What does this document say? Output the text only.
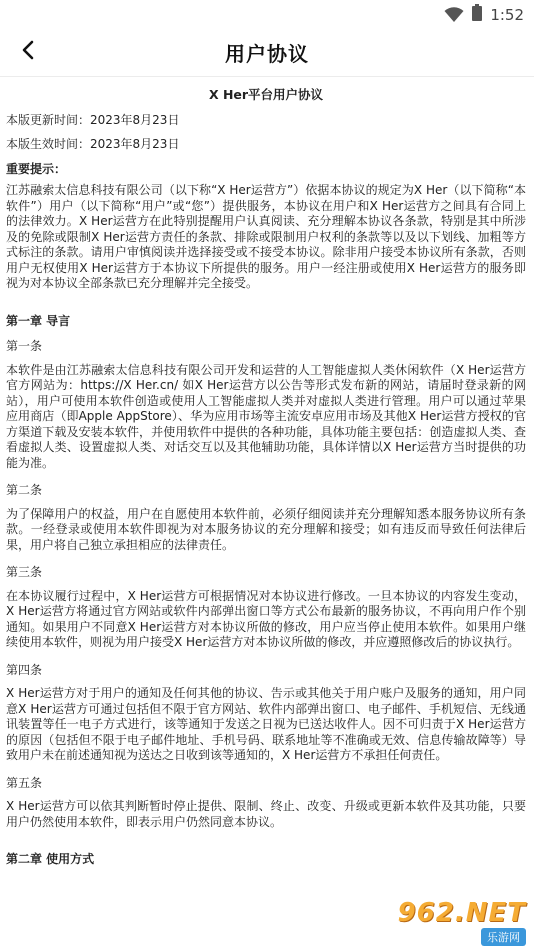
1:52
用户协议
X Her平台用户协议
本版更新时间：2023年8月23日
本版生效时间：2023年8月23日
重要提示：
江苏融索太信息科技有限公司（以下称“X Her运营方”）依据本协议的规定为X Her（以下简称“本软件”）用户（以下简称“用户”或“您”）提供服务，本协议在用户和X Her运营方之间具有合同上的法律效力。X Her运营方在此特别提醒用户认真阅读、充分理解本协议各条款，特别是其中所涉及的免除或限制X Her运营方责任的条款、排除或限制用户权利的条款等以及以下划线、加粗等方式标注的条款。请用户审慎阅读并选择接受或不接受本协议。除非用户接受本协议所有条款，否则用户无权使用X Her运营方于本协议下所提供的服务。用户一经注册或使用X Her运营方的服务即视为对本协议全部条款已充分理解并完全接受。
第一章 导言
第一条
本软件是由江苏融索太信息科技有限公司开发和运营的人工智能虚拟人类休闲软件（X Her运营方官方网站为：https://X Her.cn/ 如X Her运营方以公告等形式发布新的网站，请届时登录新的网站），用户可使用本软件创造或使用人工智能虚拟人类并对虚拟人类进行管理。用户可以通过苹果应用商店（即Apple AppStore）、华为应用市场等主流安卓应用市场及其他X Her运营方授权的官方渠道下载及安装本软件，并使用软件中提供的各种功能，具体功能主要包括：创造虚拟人类、查看虚拟人类、设置虚拟人类、对话交互以及其他辅助功能，具体详情以X Her运营方当时提供的功能为准。
第二条
为了保障用户的权益，用户在自愿使用本软件前，必须仔细阅读并充分理解知悉本服务协议所有条款。一经登录或使用本软件即视为对本服务协议的充分理解和接受；如有违反而导致任何法律后果，用户将自己独立承担相应的法律责任。
第三条
在本协议履行过程中，X Her运营方可根据情况对本协议进行修改。一旦本协议的内容发生变动，X Her运营方将通过官方网站或软件内部弹出窗口等方式公布最新的服务协议，不再向用户作个别通知。如果用户不同意X Her运营方对本协议所做的修改，用户应当停止使用本软件。如果用户继续使用本软件，则视为用户接受X Her运营方对本协议所做的修改，并应遵照修改后的协议执行。
第四条
X Her运营方对于用户的通知及任何其他的协议、告示或其他关于用户账户及服务的通知，用户同意X Her运营方可通过包括但不限于官方网站、软件内部弹出窗口、电子邮件、手机短信、无线通讯装置等任一电子方式进行，该等通知于发送之日视为已送达收件人。因不可归责于X Her运营方的原因（包括但不限于电子邮件地址、手机号码、联系地址等不准确或无效、信息传输故障等）导致用户未在前述通知视为送达之日收到该等通知的，X Her运营方不承担任何责任。
第五条
X Her运营方可以依其判断暂时停止提供、限制、终止、改变、升级或更新本软件及其功能，只要用户仍然使用本软件，即表示用户仍然同意本协议。
第二章 使用方式
962.NET
乐游网
